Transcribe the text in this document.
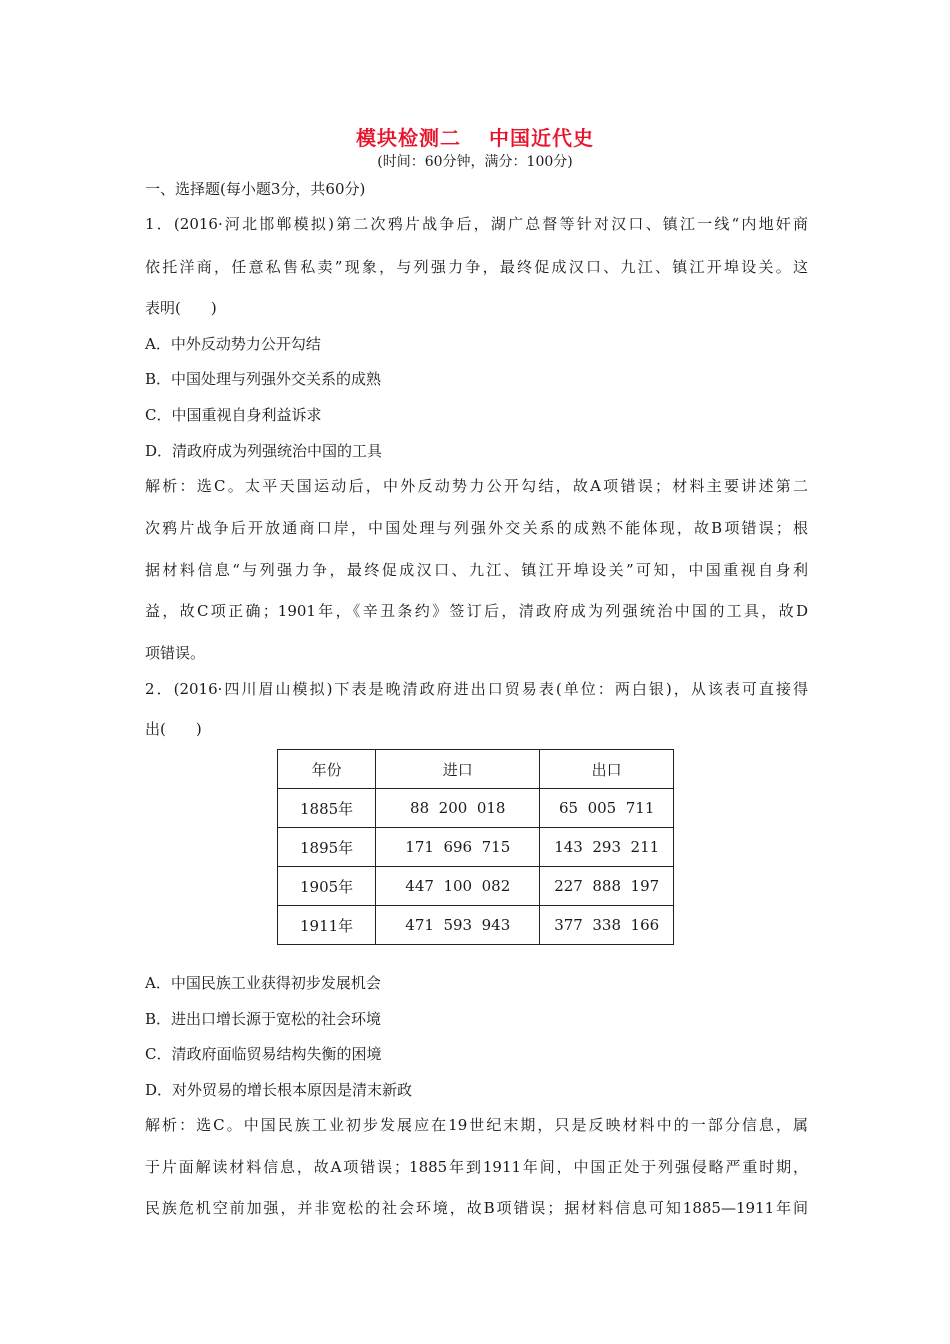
模块检测二 中国近代史
(时间：60分钟，满分：100分)
一、选择题(每小题3分，共60分)
1．(2016·河北邯郸模拟)第二次鸦片战争后，湖广总督等针对汉口、镇江一线“内地奸商
依托洋商，任意私售私卖”现象，与列强力争，最终促成汉口、九江、镇江开埠设关。这
表明(　　)
A．中外反动势力公开勾结
B．中国处理与列强外交关系的成熟
C．中国重视自身利益诉求
D．清政府成为列强统治中国的工具
解析：选C。太平天国运动后，中外反动势力公开勾结，故A项错误；材料主要讲述第二
次鸦片战争后开放通商口岸，中国处理与列强外交关系的成熟不能体现，故B项错误；根
据材料信息“与列强力争，最终促成汉口、九江、镇江开埠设关”可知，中国重视自身利
益，故C项正确；1901年，《辛丑条约》签订后，清政府成为列强统治中国的工具，故D
项错误。
2．(2016·四川眉山模拟)下表是晚清政府进出口贸易表(单位：两白银)，从该表可直接得
出(　　)
年份	进口	出口
1885年	88  200  018	65  005  711
1895年	171  696  715	143  293  211
1905年	447  100  082	227  888  197
1911年	471  593  943	377  338  166
A．中国民族工业获得初步发展机会
B．进出口增长源于宽松的社会环境
C．清政府面临贸易结构失衡的困境
D．对外贸易的增长根本原因是清末新政
解析：选C。中国民族工业初步发展应在19世纪末期，只是反映材料中的一部分信息，属
于片面解读材料信息，故A项错误；1885年到1911年间，中国正处于列强侵略严重时期，
民族危机空前加强，并非宽松的社会环境，故B项错误；据材料信息可知1885—1911年间
